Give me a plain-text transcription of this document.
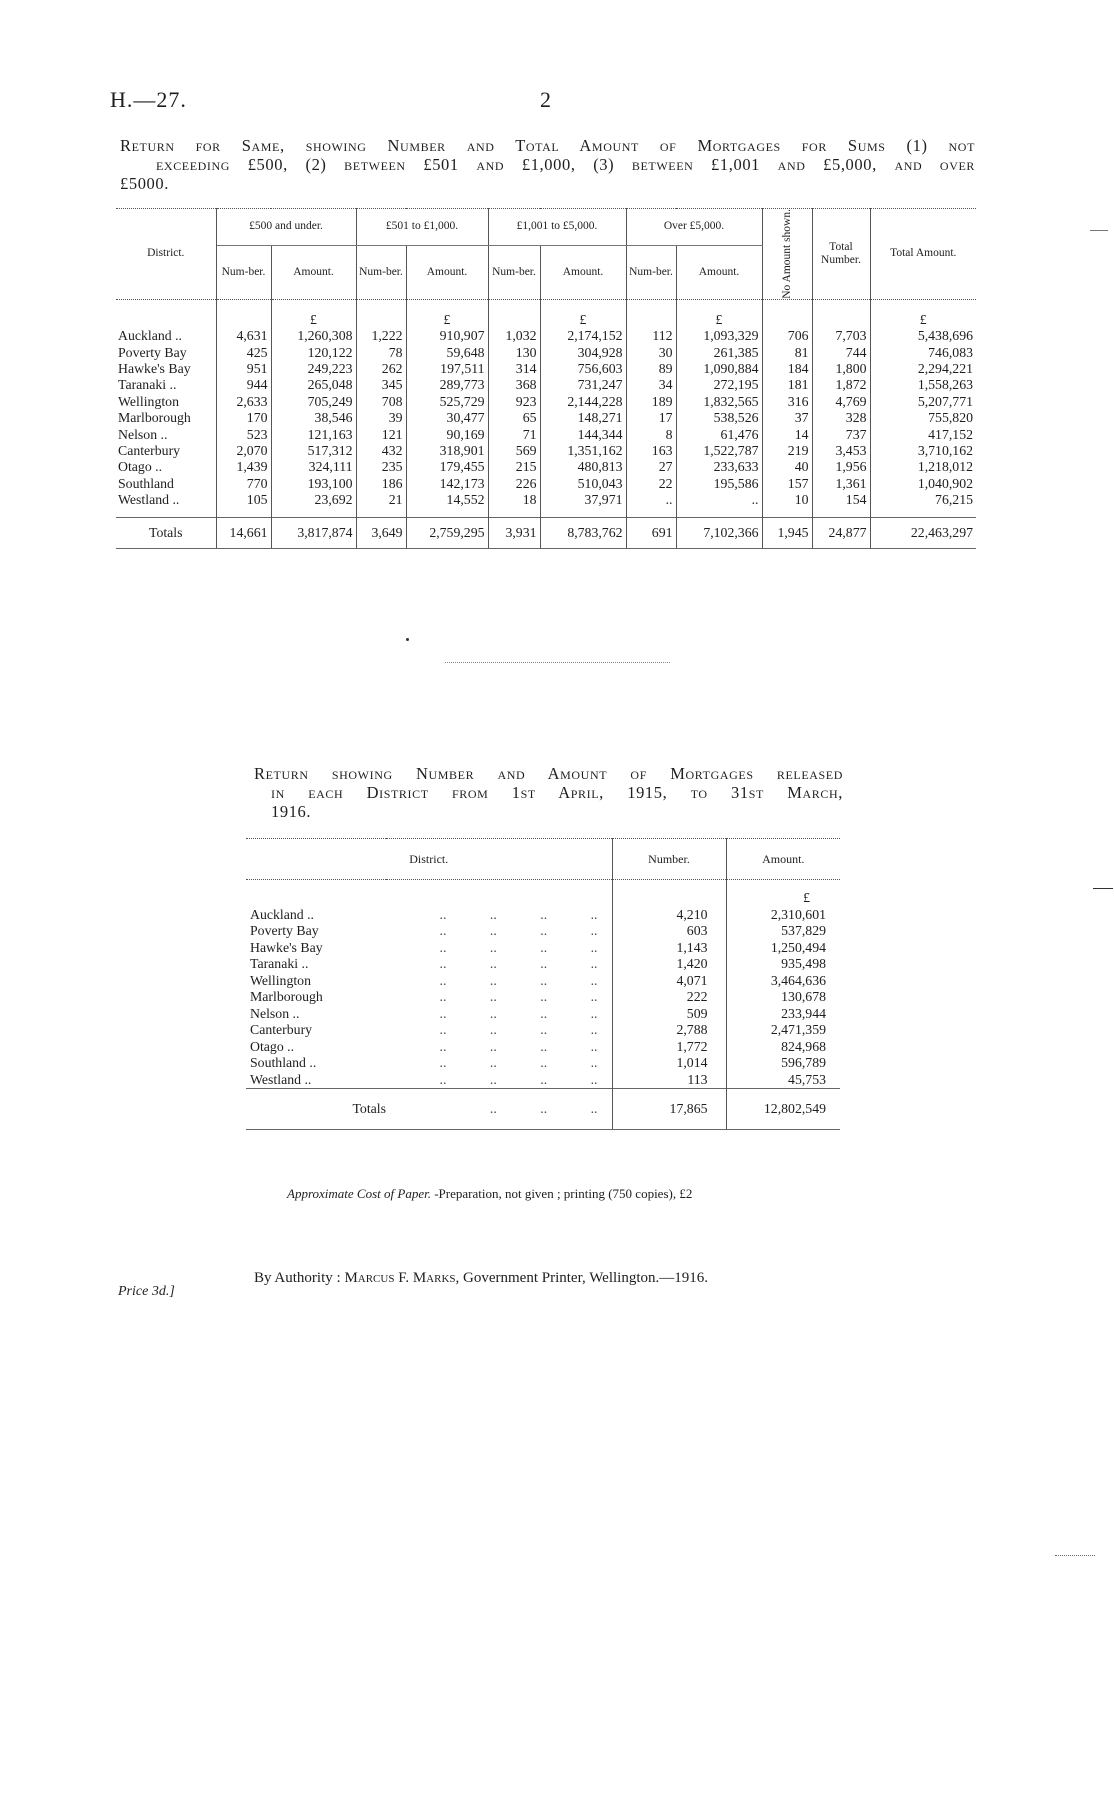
H.—27.	2
Return for Same, showing Number and Total Amount of Mortgages for Sums (1) not
exceeding £500, (2) between £501 and £1,000, (3) between £1,001 and £5,000, and over
£5000.
District.	£500 and under.		£501 to £1,000.		£1,001 to £5,000.		Over £5,000.		No Amount shown.	Total Number.	Total Amount.
	Num-ber.	Amount.	Num-ber.	Amount.	Num-ber.	Amount.	Num-ber.	Amount.			

		£		£		£		£			£
Auckland ..	4,631	1,260,308	1,222	910,907	1,032	2,174,152	112	1,093,329	706	7,703	5,438,696
Poverty Bay	425	120,122	78	59,648	130	304,928	30	261,385	81	744	746,083
Hawke's Bay	951	249,223	262	197,511	314	756,603	89	1,090,884	184	1,800	2,294,221
Taranaki ..	944	265,048	345	289,773	368	731,247	34	272,195	181	1,872	1,558,263
Wellington	2,633	705,249	708	525,729	923	2,144,228	189	1,832,565	316	4,769	5,207,771
Marlborough	170	38,546	39	30,477	65	148,271	17	538,526	37	328	755,820
Nelson ..	523	121,163	121	90,169	71	144,344	8	61,476	14	737	417,152
Canterbury	2,070	517,312	432	318,901	569	1,351,162	163	1,522,787	219	3,453	3,710,162
Otago ..	1,439	324,111	235	179,455	215	480,813	27	233,633	40	1,956	1,218,012
Southland	770	193,100	186	142,173	226	510,043	22	195,586	157	1,361	1,040,902
Westland ..	105	23,692	21	14,552	18	37,971	..	..	10	154	76,215

Totals	14,661	3,817,874	3,649	2,759,295	3,931	8,783,762	691	7,102,366	1,945	24,877	22,463,297
Return showing Number and Amount of Mortgages released
in each District from 1st April, 1915, to 31st March,
1916.
District.		Number.	Amount.

			£
Auckland ..	.. .. .. ..	4,210	2,310,601
Poverty Bay	.. .. .. ..	603	537,829
Hawke's Bay	.. .. .. ..	1,143	1,250,494
Taranaki ..	.. .. .. ..	1,420	935,498
Wellington	.. .. .. ..	4,071	3,464,636
Marlborough	.. .. .. ..	222	130,678
Nelson ..	.. .. .. ..	509	233,944
Canterbury	.. .. .. ..	2,788	2,471,359
Otago ..	.. .. .. ..	1,772	824,968
Southland ..	.. .. .. ..	1,014	596,789
Westland ..	.. .. .. ..	113	45,753
Totals	.. .. ..	17,865	12,802,549
Approximate Cost of Paper. -Preparation, not given ; printing (750 copies), £2
Price 3d.]
By Authority : Marcus F. Marks, Government Printer, Wellington.—1916.
